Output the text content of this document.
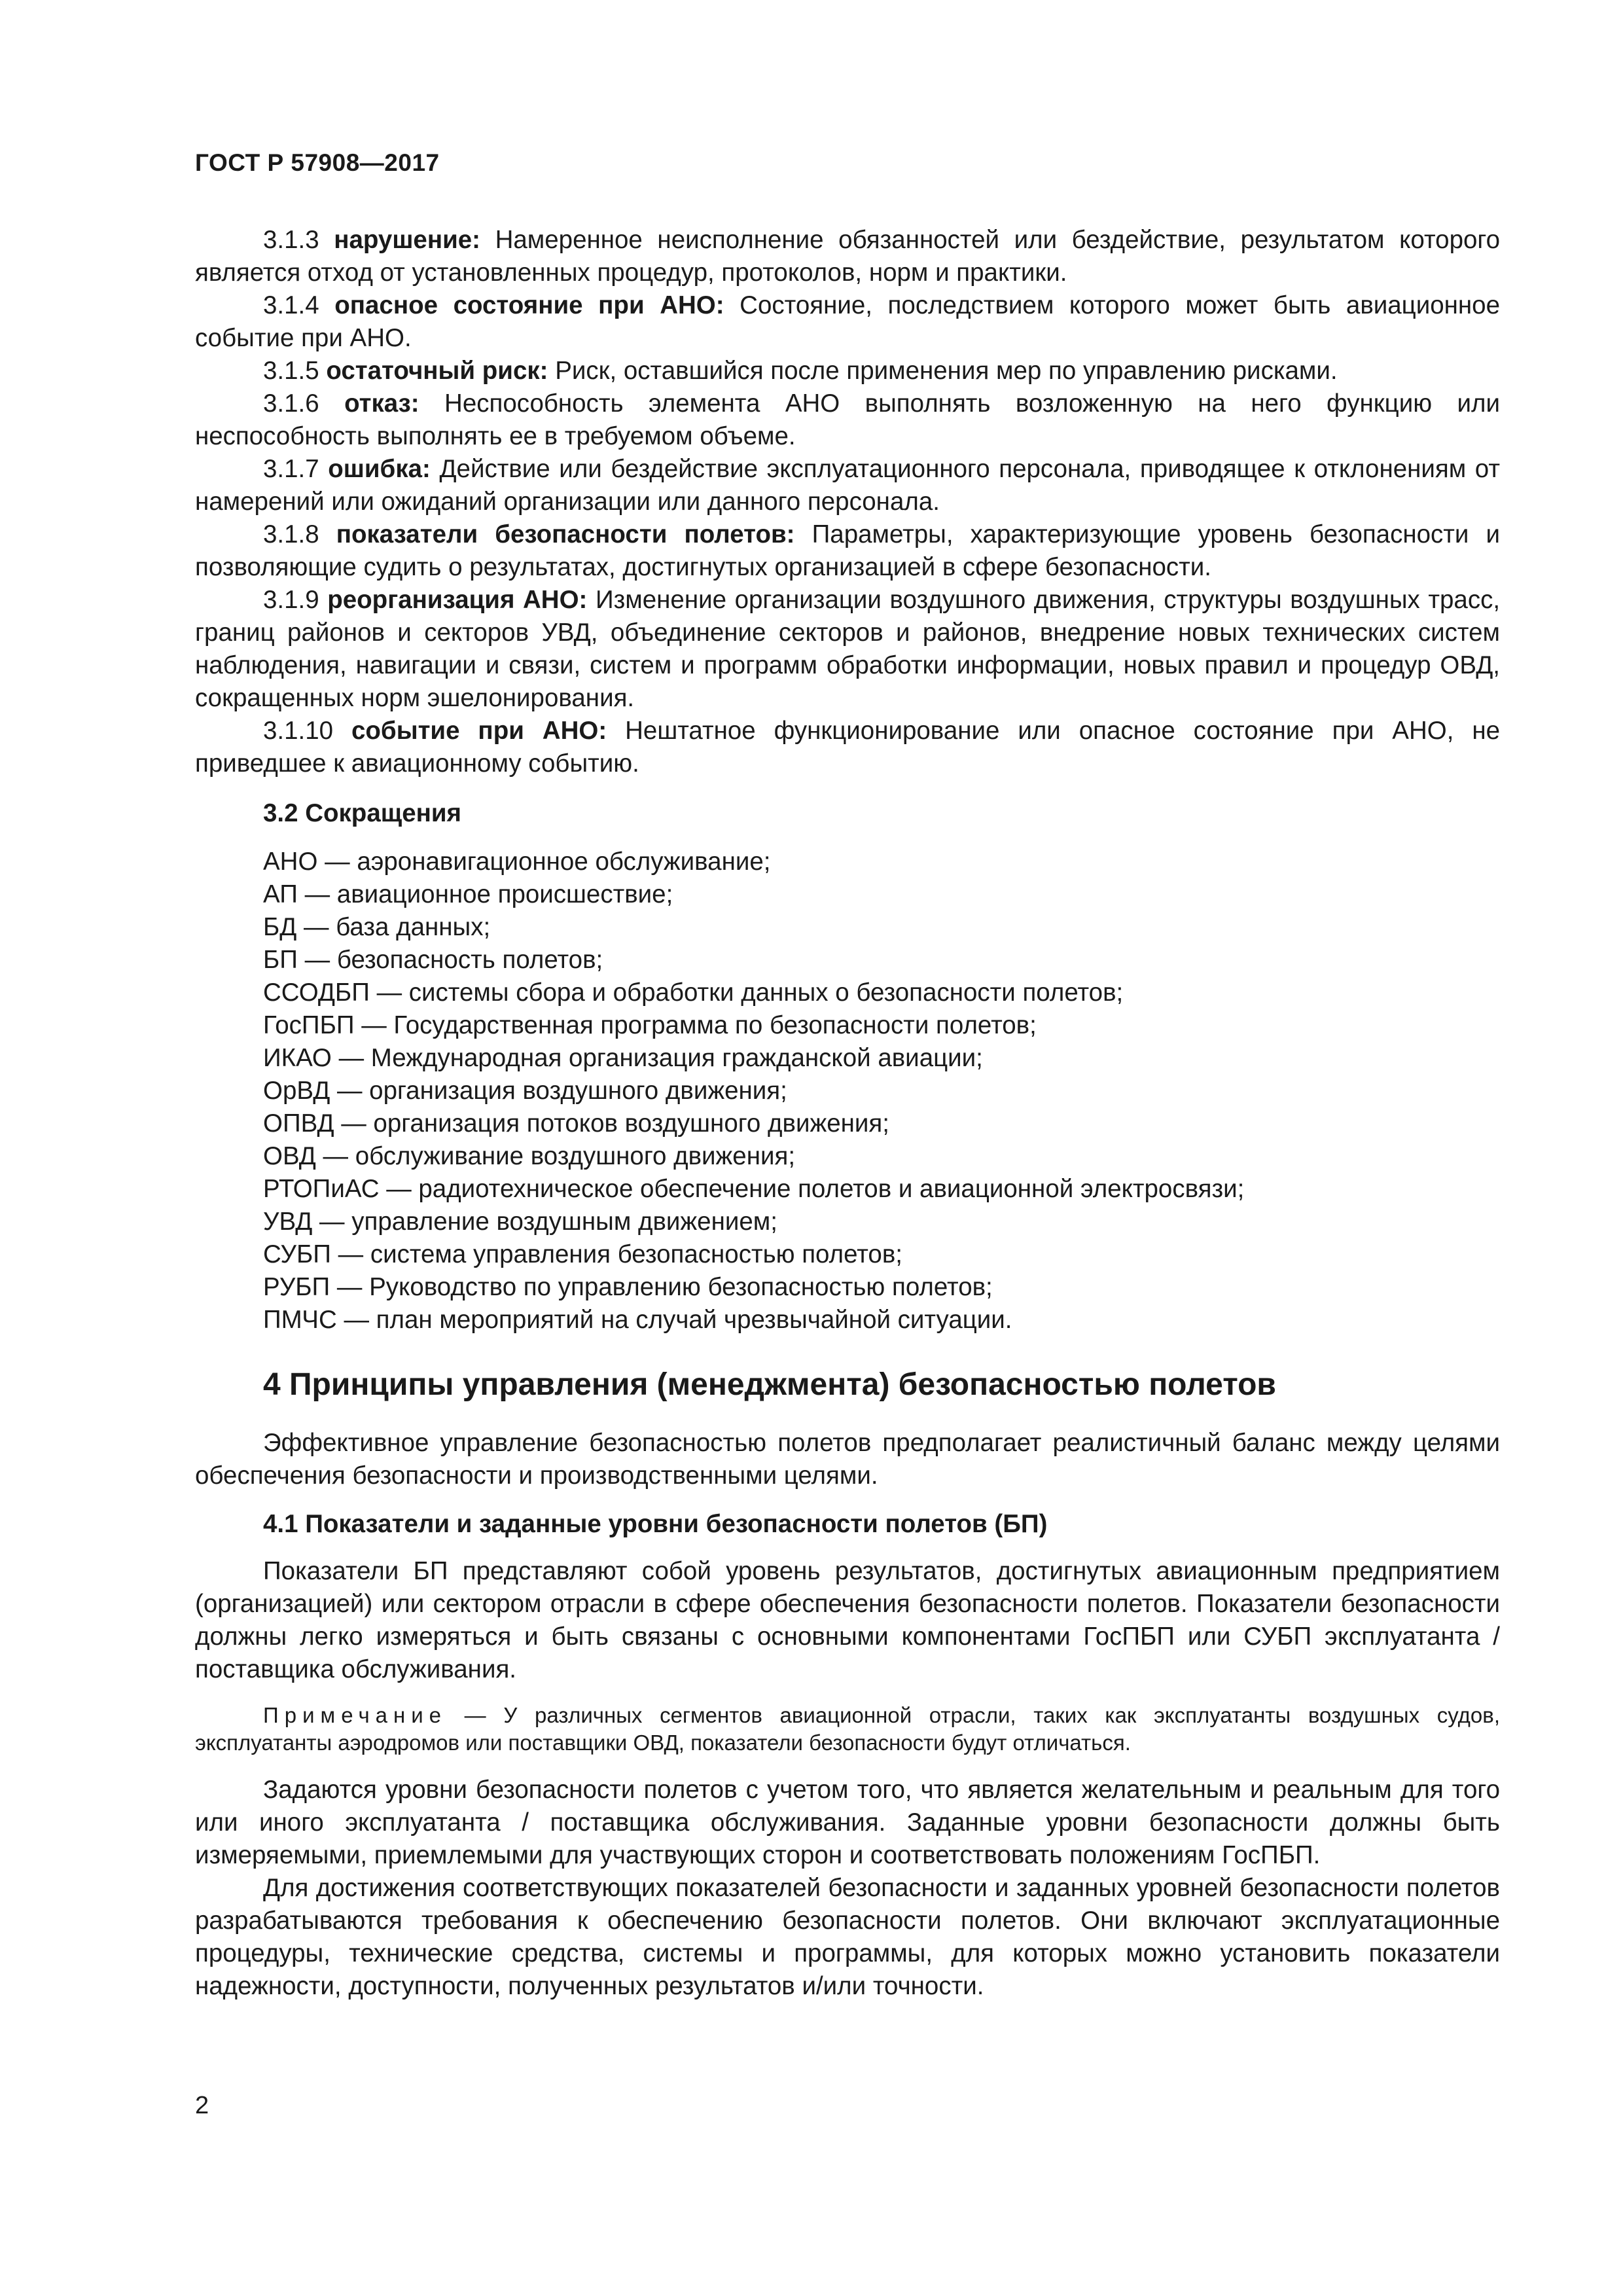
ГОСТ Р 57908—2017

3.1.3 нарушение: Намеренное неисполнение обязанностей или бездействие, результатом которого является отход от установленных процедур, протоколов, норм и практики.

3.1.4 опасное состояние при АНО: Состояние, последствием которого может быть авиационное событие при АНО.

3.1.5 остаточный риск: Риск, оставшийся после применения мер по управлению рисками.

3.1.6 отказ: Неспособность элемента АНО выполнять возложенную на него функцию или неспособность выполнять ее в требуемом объеме.

3.1.7 ошибка: Действие или бездействие эксплуатационного персонала, приводящее к отклонениям от намерений или ожиданий организации или данного персонала.

3.1.8 показатели безопасности полетов: Параметры, характеризующие уровень безопасности и позволяющие судить о результатах, достигнутых организацией в сфере безопасности.

3.1.9 реорганизация АНО: Изменение организации воздушного движения, структуры воздушных трасс, границ районов и секторов УВД, объединение секторов и районов, внедрение новых технических систем наблюдения, навигации и связи, систем и программ обработки информации, новых правил и процедур ОВД, сокращенных норм эшелонирования.

3.1.10 событие при АНО: Нештатное функционирование или опасное состояние при АНО, не приведшее к авиационному событию.

3.2 Сокращения

АНО — аэронавигационное обслуживание;
АП — авиационное происшествие;
БД — база данных;
БП — безопасность полетов;
ССОДБП — системы сбора и обработки данных о безопасности полетов;
ГосПБП — Государственная программа по безопасности полетов;
ИКАО — Международная организация гражданской авиации;
ОрВД — организация воздушного движения;
ОПВД — организация потоков воздушного движения;
ОВД — обслуживание воздушного движения;
РТОПиАС — радиотехническое обеспечение полетов и авиационной электросвязи;
УВД — управление воздушным движением;
СУБП — система управления безопасностью полетов;
РУБП — Руководство по управлению безопасностью полетов;
ПМЧС — план мероприятий на случай чрезвычайной ситуации.

4 Принципы управления (менеджмента) безопасностью полетов

Эффективное управление безопасностью полетов предполагает реалистичный баланс между целями обеспечения безопасности и производственными целями.

4.1 Показатели и заданные уровни безопасности полетов (БП)

Показатели БП представляют собой уровень результатов, достигнутых авиационным предприятием (организацией) или сектором отрасли в сфере обеспечения безопасности полетов. Показатели безопасности должны легко измеряться и быть связаны с основными компонентами ГосПБП или СУБП эксплуатанта / поставщика обслуживания.

Примечание — У различных сегментов авиационной отрасли, таких как эксплуатанты воздушных судов, эксплуатанты аэродромов или поставщики ОВД, показатели безопасности будут отличаться.

Задаются уровни безопасности полетов с учетом того, что является желательным и реальным для того или иного эксплуатанта / поставщика обслуживания. Заданные уровни безопасности должны быть измеряемыми, приемлемыми для участвующих сторон и соответствовать положениям ГосПБП.

Для достижения соответствующих показателей безопасности и заданных уровней безопасности полетов разрабатываются требования к обеспечению безопасности полетов. Они включают эксплуатационные процедуры, технические средства, системы и программы, для которых можно установить показатели надежности, доступности, полученных результатов и/или точности.

2
